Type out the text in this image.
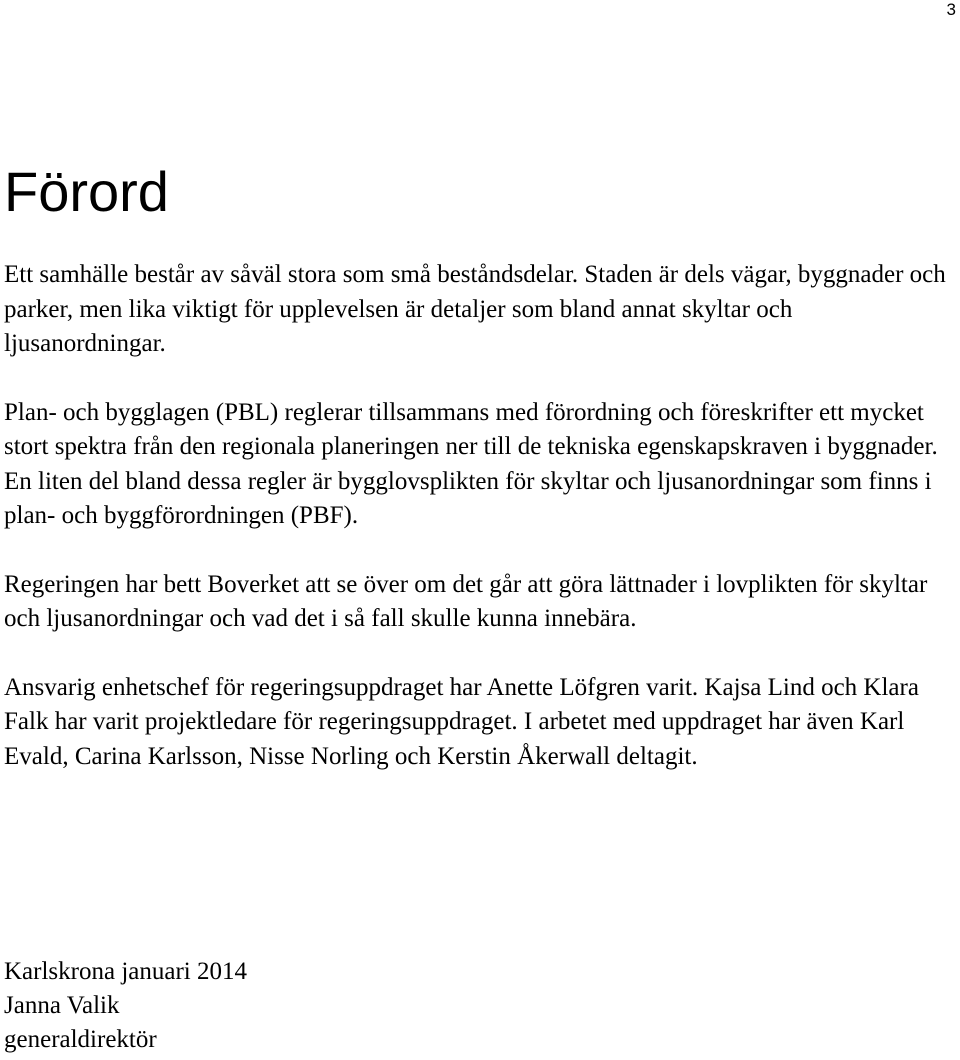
3
Förord

Ett samhälle består av såväl stora som små beståndsdelar. Staden är dels vägar, byggnader och parker, men lika viktigt för upplevelsen är detaljer som bland annat skyltar och ljusanordningar.

Plan- och bygglagen (PBL) reglerar tillsammans med förordning och föreskrifter ett mycket stort spektra från den regionala planeringen ner till de tekniska egenskapskraven i byggnader. En liten del bland dessa regler är bygglovsplikten för skyltar och ljusanordningar som finns i plan- och byggförordningen (PBF).

Regeringen har bett Boverket att se över om det går att göra lättnader i lovplikten för skyltar och ljusanordningar och vad det i så fall skulle kunna innebära.

Ansvarig enhetschef för regeringsuppdraget har Anette Löfgren varit. Kajsa Lind och Klara Falk har varit projektledare för regeringsuppdraget. I arbetet med uppdraget har även Karl Evald, Carina Karlsson, Nisse Norling och Kerstin Åkerwall deltagit.

Karlskrona januari 2014
Janna Valik
generaldirektör
